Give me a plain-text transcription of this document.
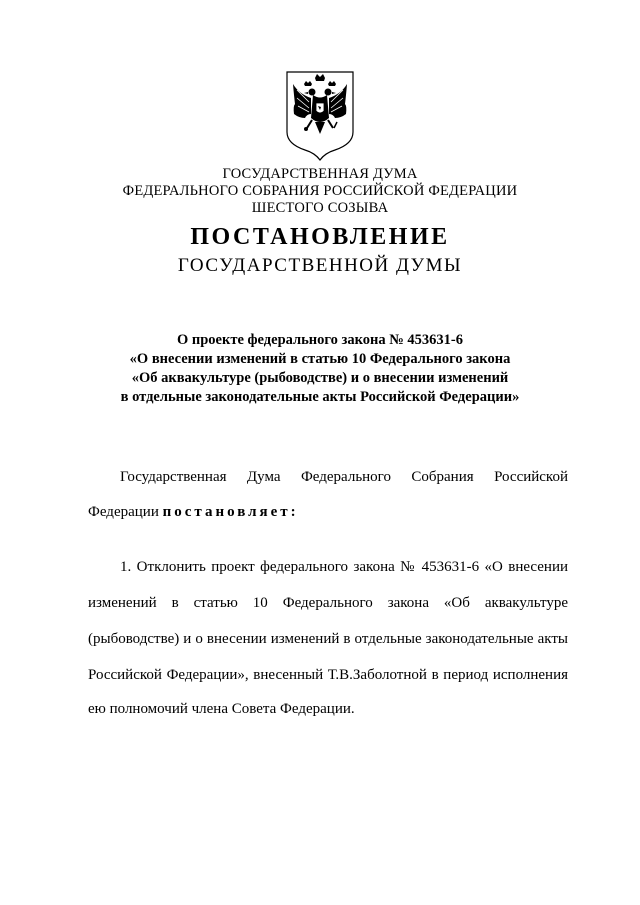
ГОСУДАРСТВЕННАЯ ДУМА
ФЕДЕРАЛЬНОГО СОБРАНИЯ РОССИЙСКОЙ ФЕДЕРАЦИИ
ШЕСТОГО СОЗЫВА
ПОСТАНОВЛЕНИЕ
ГОСУДАРСТВЕННОЙ ДУМЫ
О проекте федерального закона № 453631-6
«О внесении изменений в статью 10 Федерального закона
«Об аквакультуре (рыбоводстве) и о внесении изменений
в отдельные законодательные акты Российской Федерации»
Государственная Дума Федерального Собрания Российской
Федерации постановляет:
1. Отклонить проект федерального закона № 453631-6 «О внесении
изменений в статью 10 Федерального закона «Об аквакультуре
(рыбоводстве) и о внесении изменений в отдельные законодательные акты
Российской Федерации», внесенный Т.В.Заболотной в период исполнения
ею полномочий члена Совета Федерации.
